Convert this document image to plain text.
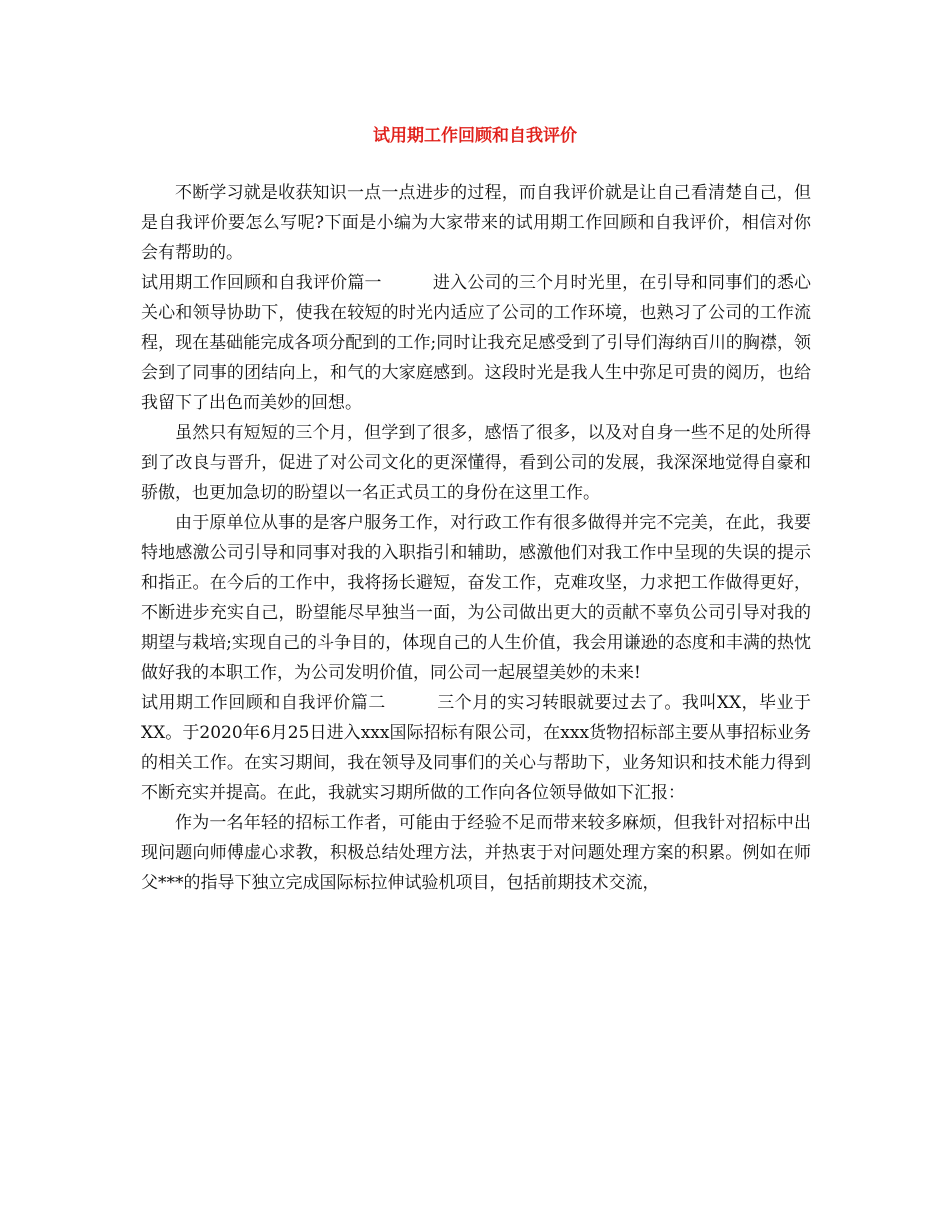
试用期工作回顾和自我评价

不断学习就是收获知识一点一点进步的过程，而自我评价就是让自己看清楚自己，但是自我评价要怎么写呢?下面是小编为大家带来的试用期工作回顾和自我评价，相信对你会有帮助的。

试用期工作回顾和自我评价篇一	进入公司的三个月时光里，在引导和同事们的悉心关心和领导协助下，使我在较短的时光内适应了公司的工作环境，也熟习了公司的工作流程，现在基础能完成各项分配到的工作;同时让我充足感受到了引导们海纳百川的胸襟，领会到了同事的团结向上，和气的大家庭感到。这段时光是我人生中弥足可贵的阅历，也给我留下了出色而美妙的回想。

虽然只有短短的三个月，但学到了很多，感悟了很多，以及对自身一些不足的处所得到了改良与晋升，促进了对公司文化的更深懂得，看到公司的发展，我深深地觉得自豪和骄傲，也更加急切的盼望以一名正式员工的身份在这里工作。

由于原单位从事的是客户服务工作，对行政工作有很多做得并完不完美，在此，我要特地感激公司引导和同事对我的入职指引和辅助，感激他们对我工作中呈现的失误的提示和指正。在今后的工作中，我将扬长避短，奋发工作，克难攻坚，力求把工作做得更好，不断进步充实自己，盼望能尽早独当一面，为公司做出更大的贡献不辜负公司引导对我的期望与栽培;实现自己的斗争目的，体现自己的人生价值，我会用谦逊的态度和丰满的热忱做好我的本职工作，为公司发明价值，同公司一起展望美妙的未来!

试用期工作回顾和自我评价篇二	三个月的实习转眼就要过去了。我叫XX，毕业于XX。于2020年6月25日进入xxx国际招标有限公司，在xxx货物招标部主要从事招标业务的相关工作。在实习期间，我在领导及同事们的关心与帮助下，业务知识和技术能力得到不断充实并提高。在此，我就实习期所做的工作向各位领导做如下汇报：

作为一名年轻的招标工作者，可能由于经验不足而带来较多麻烦，但我针对招标中出现问题向师傅虚心求教，积极总结处理方法，并热衷于对问题处理方案的积累。例如在师父***的指导下独立完成国际标拉伸试验机项目，包括前期技术交流，
